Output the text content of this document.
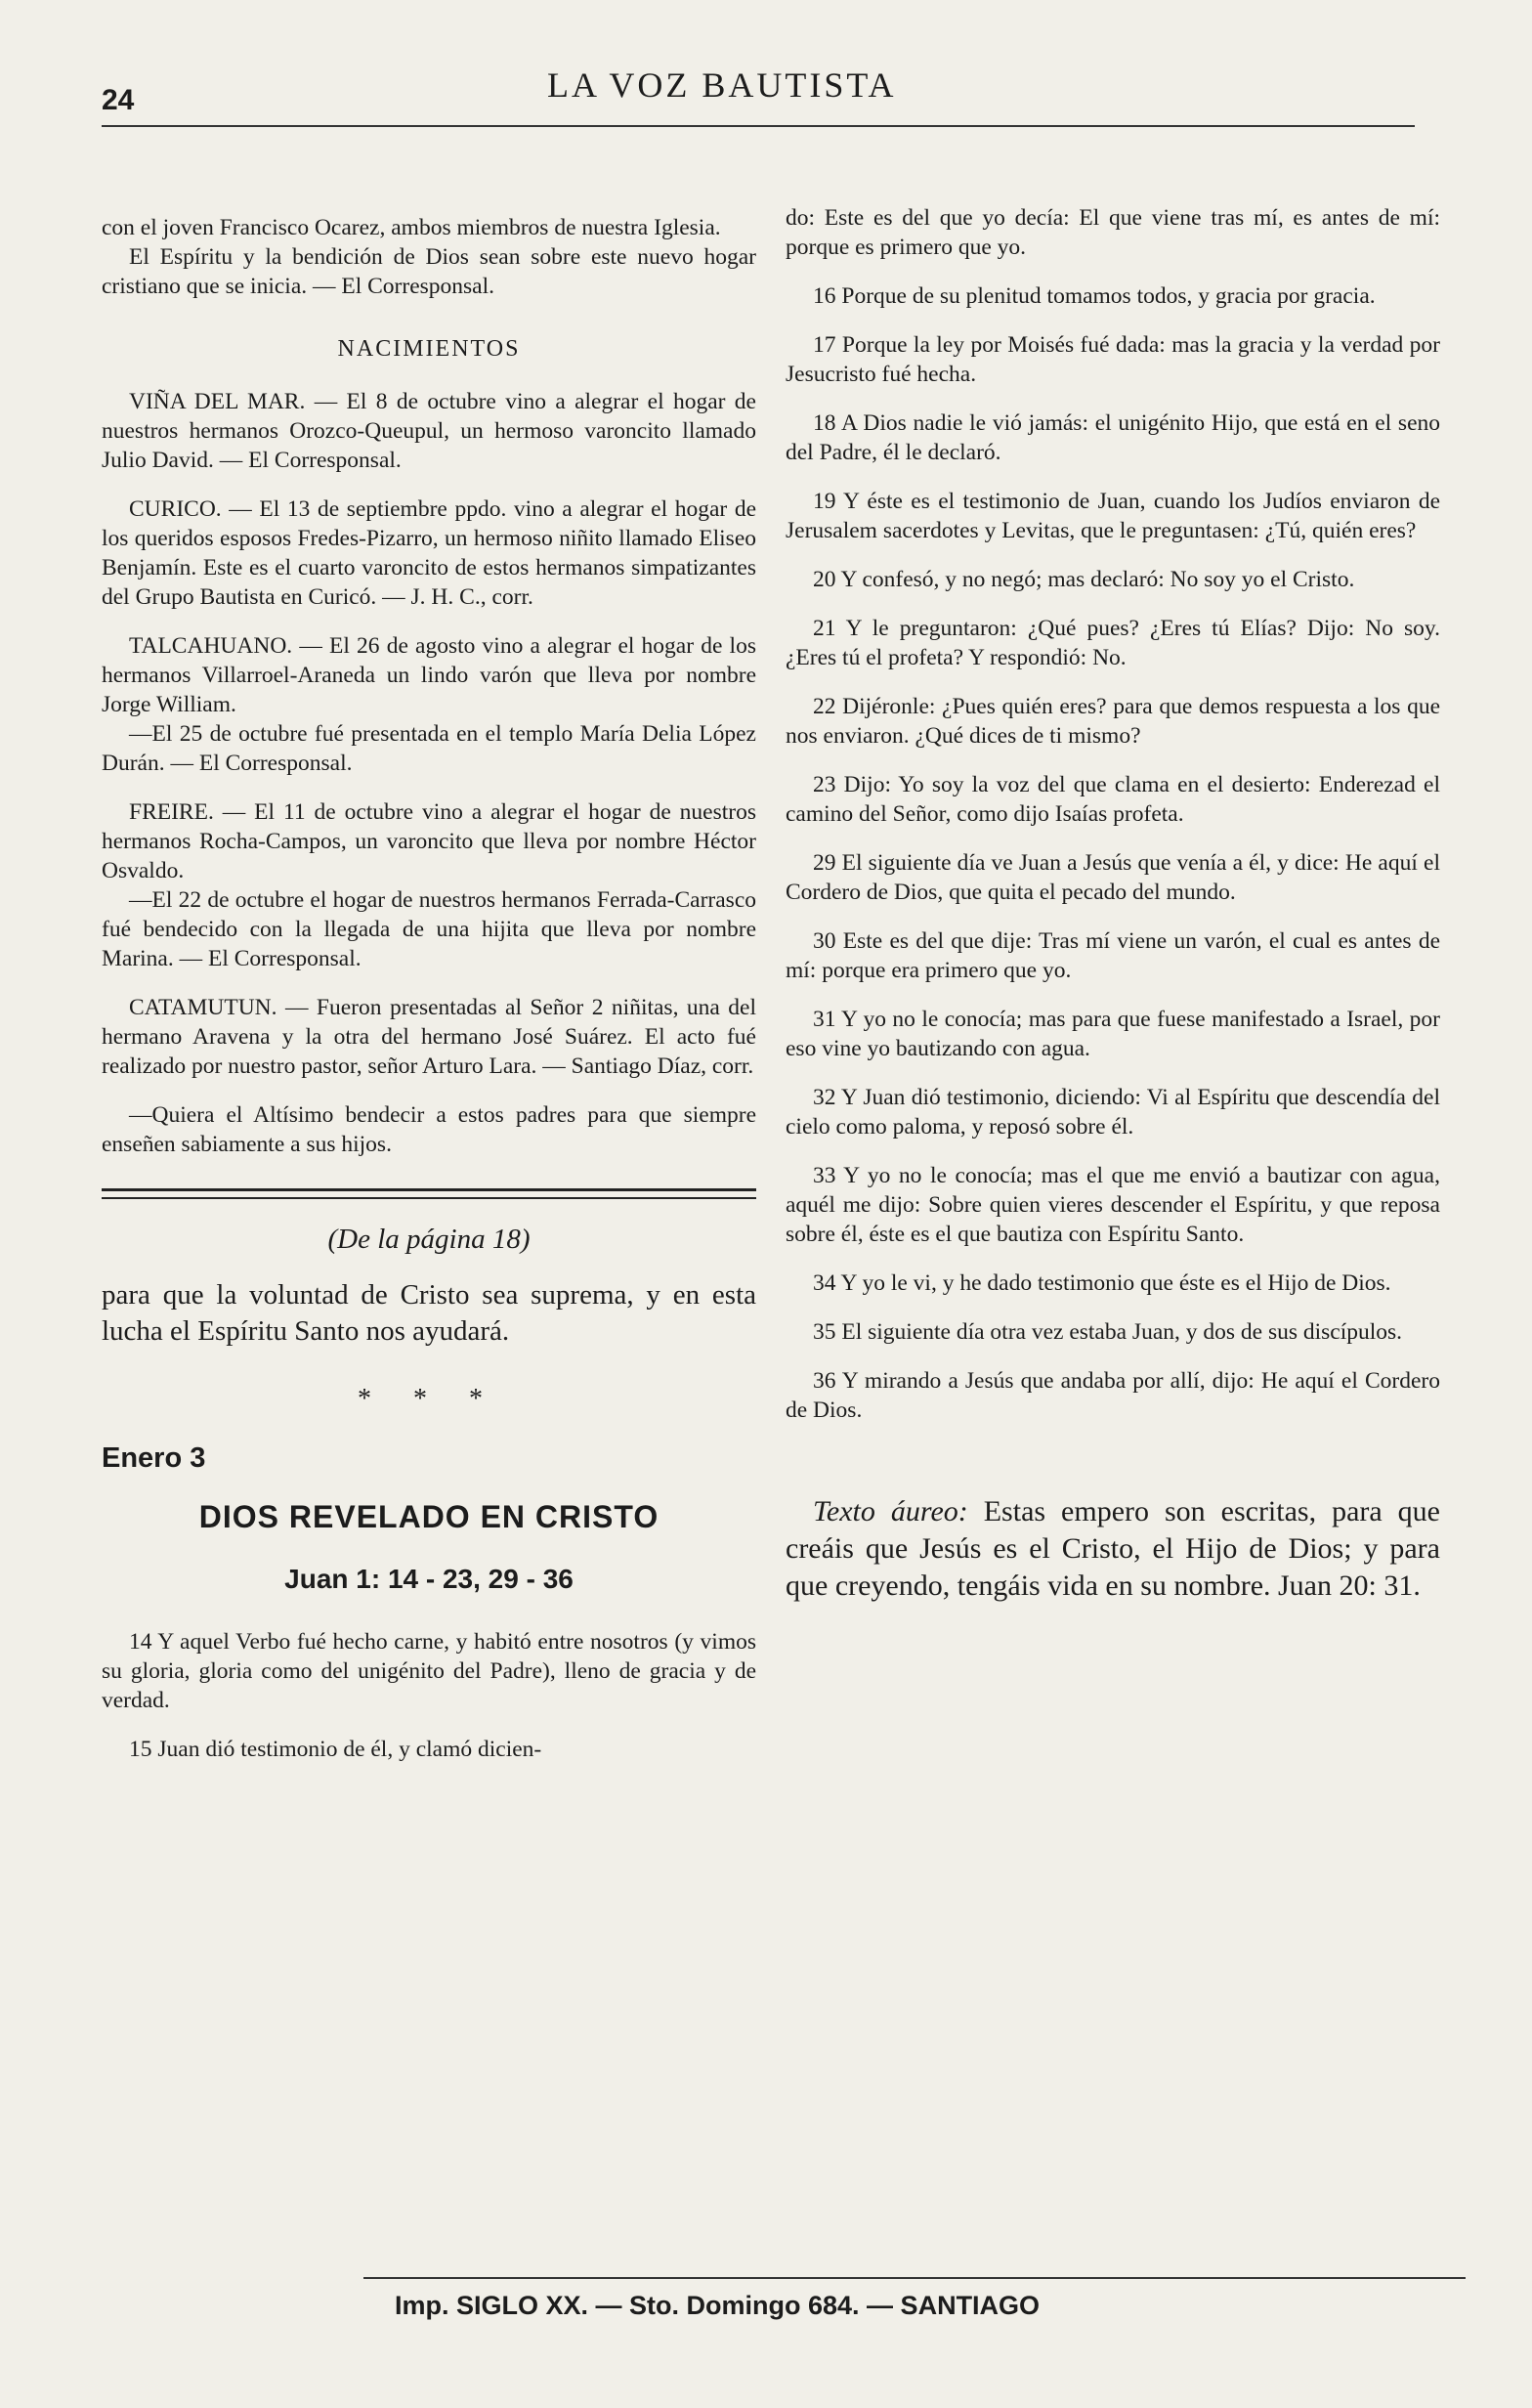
24	LA VOZ BAUTISTA

con el joven Francisco Ocarez, ambos miembros de nuestra Iglesia.

El Espíritu y la bendición de Dios sean sobre este nuevo hogar cristiano que se inicia. — El Corresponsal.

NACIMIENTOS

VIÑA DEL MAR. — El 8 de octubre vino a alegrar el hogar de nuestros hermanos Orozco-Queupul, un hermoso varoncito llamado Julio David. — El Corresponsal.

CURICO. — El 13 de septiembre ppdo. vino a alegrar el hogar de los queridos esposos Fredes-Pizarro, un hermoso niñito llamado Eliseo Benjamín. Este es el cuarto varoncito de estos hermanos simpatizantes del Grupo Bautista en Curicó. — J. H. C., corr.

TALCAHUANO. — El 26 de agosto vino a alegrar el hogar de los hermanos Villarroel-Araneda un lindo varón que lleva por nombre Jorge William.

—El 25 de octubre fué presentada en el templo María Delia López Durán. — El Corresponsal.

FREIRE. — El 11 de octubre vino a alegrar el hogar de nuestros hermanos Rocha-Campos, un varoncito que lleva por nombre Héctor Osvaldo.

—El 22 de octubre el hogar de nuestros hermanos Ferrada-Carrasco fué bendecido con la llegada de una hijita que lleva por nombre Marina. — El Corresponsal.

CATAMUTUN. — Fueron presentadas al Señor 2 niñitas, una del hermano Aravena y la otra del hermano José Suárez. El acto fué realizado por nuestro pastor, señor Arturo Lara. — Santiago Díaz, corr.

—Quiera el Altísimo bendecir a estos padres para que siempre enseñen sabiamente a sus hijos.

(De la página 18)

para que la voluntad de Cristo sea suprema, y en esta lucha el Espíritu Santo nos ayudará.

* * *
Enero 3
DIOS REVELADO EN CRISTO
Juan 1: 14 - 23, 29 - 36

14 Y aquel Verbo fué hecho carne, y habitó entre nosotros (y vimos su gloria, gloria como del unigénito del Padre), lleno de gracia y de verdad.

15 Juan dió testimonio de él, y clamó dicien-

do: Este es del que yo decía: El que viene tras mí, es antes de mí: porque es primero que yo.

16 Porque de su plenitud tomamos todos, y gracia por gracia.

17 Porque la ley por Moisés fué dada: mas la gracia y la verdad por Jesucristo fué hecha.

18 A Dios nadie le vió jamás: el unigénito Hijo, que está en el seno del Padre, él le declaró.

19 Y éste es el testimonio de Juan, cuando los Judíos enviaron de Jerusalem sacerdotes y Levitas, que le preguntasen: ¿Tú, quién eres?

20 Y confesó, y no negó; mas declaró: No soy yo el Cristo.

21 Y le preguntaron: ¿Qué pues? ¿Eres tú Elías? Dijo: No soy. ¿Eres tú el profeta? Y respondió: No.

22 Dijéronle: ¿Pues quién eres? para que demos respuesta a los que nos enviaron. ¿Qué dices de ti mismo?

23 Dijo: Yo soy la voz del que clama en el desierto: Enderezad el camino del Señor, como dijo Isaías profeta.

29 El siguiente día ve Juan a Jesús que venía a él, y dice: He aquí el Cordero de Dios, que quita el pecado del mundo.

30 Este es del que dije: Tras mí viene un varón, el cual es antes de mí: porque era primero que yo.

31 Y yo no le conocía; mas para que fuese manifestado a Israel, por eso vine yo bautizando con agua.

32 Y Juan dió testimonio, diciendo: Vi al Espíritu que descendía del cielo como paloma, y reposó sobre él.

33 Y yo no le conocía; mas el que me envió a bautizar con agua, aquél me dijo: Sobre quien vieres descender el Espíritu, y que reposa sobre él, éste es el que bautiza con Espíritu Santo.

34 Y yo le vi, y he dado testimonio que éste es el Hijo de Dios.

35 El siguiente día otra vez estaba Juan, y dos de sus discípulos.

36 Y mirando a Jesús que andaba por allí, dijo: He aquí el Cordero de Dios.

Texto áureo: Estas empero son escritas, para que creáis que Jesús es el Cristo, el Hijo de Dios; y para que creyendo, tengáis vida en su nombre. Juan 20: 31.

Imp. SIGLO XX. — Sto. Domingo 684. — SANTIAGO
